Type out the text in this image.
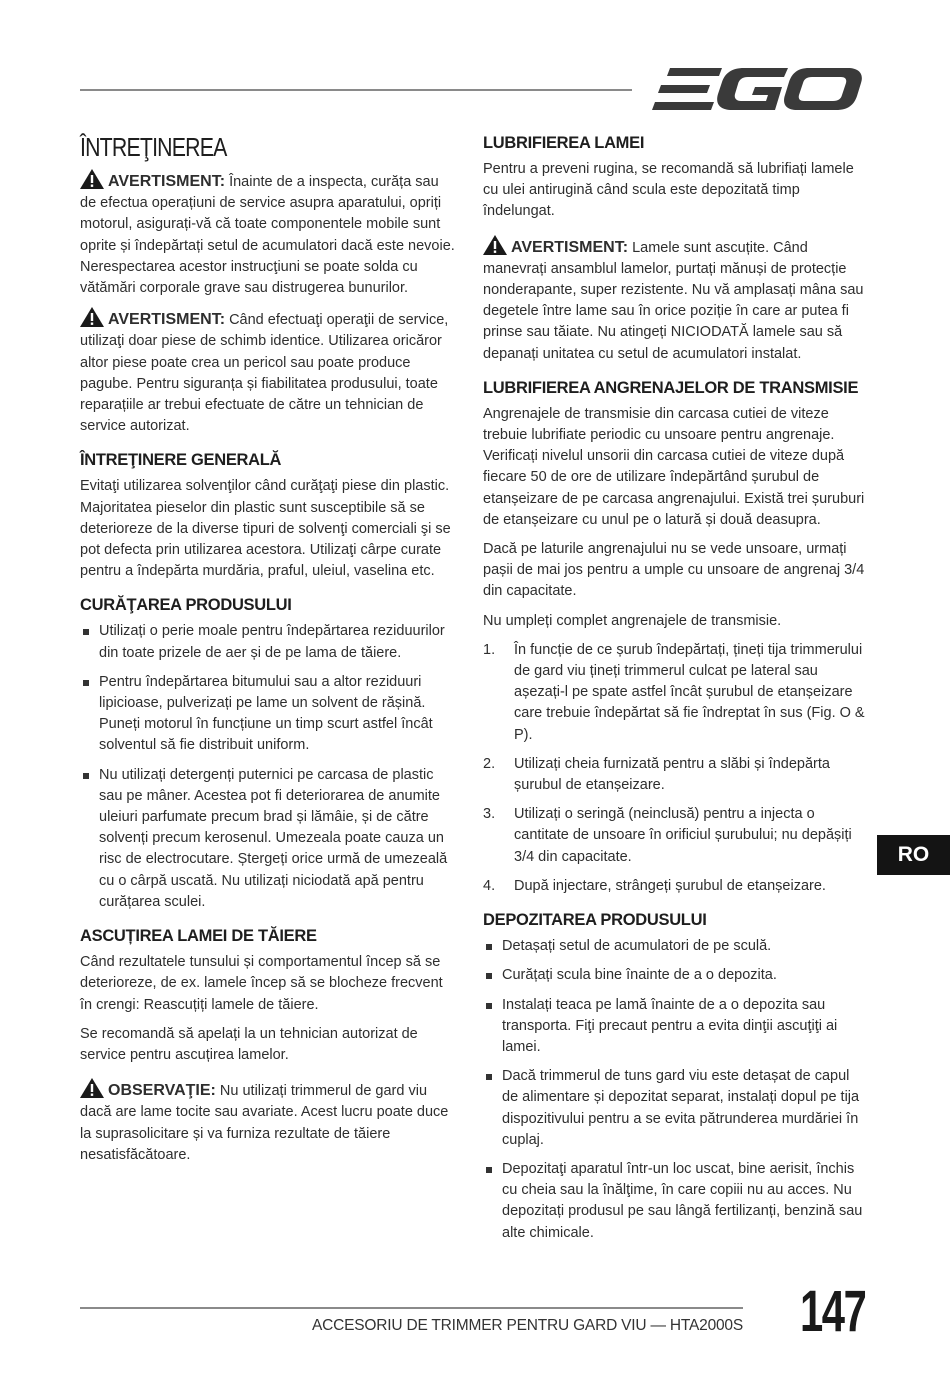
ÎNTREŢINEREA

AVERTISMENT: Înainte de a inspecta, curăța sau de efectua operațiuni de service asupra aparatului, opriți motorul, asigurați-vă că toate componentele mobile sunt oprite și îndepărtați setul de acumulatori dacă este nevoie. Nerespectarea acestor instrucţiuni se poate solda cu vătămări corporale grave sau distrugerea bunurilor.

AVERTISMENT: Când efectuaţi operaţii de service, utilizaţi doar piese de schimb identice. Utilizarea oricăror altor piese poate crea un pericol sau poate produce pagube. Pentru siguranța și fiabilitatea produsului, toate reparațiile ar trebui efectuate de către un tehnician de service autorizat.

ÎNTREŢINERE GENERALĂ

Evitaţi utilizarea solvenţilor când curăţaţi piese din plastic. Majoritatea pieselor din plastic sunt susceptibile să se deterioreze de la diverse tipuri de solvenţi comerciali şi se pot defecta prin utilizarea acestora. Utilizaţi cârpe curate pentru a îndepărta murdăria, praful, uleiul, vaselina etc.

CURĂŢAREA PRODUSULUI
Utilizați o perie moale pentru îndepărtarea reziduurilor din toate prizele de aer și de pe lama de tăiere.
Pentru îndepărtarea bitumului sau a altor reziduuri lipicioase, pulverizați pe lame un solvent de rășină. Puneți motorul în funcțiune un timp scurt astfel încât solventul să fie distribuit uniform.
Nu utilizați detergenți puternici pe carcasa de plastic sau pe mâner. Acestea pot fi deteriorarea de anumite uleiuri parfumate precum brad și lămâie, și de către solvenți precum kerosenul. Umezeala poate cauza un risc de electrocutare. Ștergeți orice urmă de umezeală cu o cârpă uscată. Nu utilizați niciodată apă pentru curățarea sculei.
ASCUȚIREA LAMEI DE TĂIERE

Când rezultatele tunsului și comportamentul încep să se deterioreze, de ex. lamele încep să se blocheze frecvent în crengi: Reascuțiți lamele de tăiere.

Se recomandă să apelați la un tehnician autorizat de service pentru ascuțirea lamelor.

OBSERVAŢIE: Nu utilizați trimmerul de gard viu dacă are lame tocite sau avariate. Acest lucru poate duce la suprasolicitare și va furniza rezultate de tăiere nesatisfăcătoare.

LUBRIFIEREA LAMEI

Pentru a preveni rugina, se recomandă să lubrifiați lamele cu ulei antirugină când scula este depozitată timp îndelungat.

AVERTISMENT: Lamele sunt ascuțite. Când manevrați ansamblul lamelor, purtați mănuși de protecție nonderapante, super rezistente. Nu vă amplasați mâna sau degetele între lame sau în orice poziție în care ar putea fi prinse sau tăiate. Nu atingeți NICIODATĂ lamele sau să depanați unitatea cu setul de acumulatori instalat.

LUBRIFIEREA ANGRENAJELOR DE TRANSMISIE

Angrenajele de transmisie din carcasa cutiei de viteze trebuie lubrifiate periodic cu unsoare pentru angrenaje. Verificați nivelul unsorii din carcasa cutiei de viteze după fiecare 50 de ore de utilizare îndepărtând șurubul de etanșeizare de pe carcasa angrenajului. Există trei șuruburi de etanșeizare cu unul pe o latură și două deasupra.

Dacă pe laturile angrenajului nu se vede unsoare, urmați pașii de mai jos pentru a umple cu unsoare de angrenaj 3/4 din capacitate.

Nu umpleți complet angrenajele de transmisie.

1. În funcție de ce șurub îndepărtați, țineți tija trimmerului de gard viu țineți trimmerul culcat pe lateral sau așezați-l pe spate astfel încât șurubul de etanșeizare care trebuie îndepărtat să fie îndreptat în sus (Fig. O & P).
2. Utilizați cheia furnizată pentru a slăbi și îndepărta șurubul de etanșeizare.
3. Utilizați o seringă (neinclusă) pentru a injecta o cantitate de unsoare în orificiul șurubului; nu depășiți 3/4 din capacitate.
4. După injectare, strângeți șurubul de etanșeizare.
DEPOZITAREA PRODUSULUI
Detașați setul de acumulatori de pe sculă.
Curățați scula bine înainte de a o depozita.
Instalați teaca pe lamă înainte de a o depozita sau transporta. Fiţi precaut pentru a evita dinţii ascuţiţi ai lamei.
Dacă trimmerul de tuns gard viu este detașat de capul de alimentare și depozitat separat, instalați dopul pe tija dispozitivului pentru a se evita pătrunderea murdăriei în cuplaj.
Depozitaţi aparatul într-un loc uscat, bine aerisit, închis cu cheia sau la înălţime, în care copiii nu au acces. Nu depozitați produsul pe sau lângă fertilizanți, benzină sau alte chimicale.
RO
ACCESORIU DE TRIMMER PENTRU GARD VIU — HTA2000S 147
